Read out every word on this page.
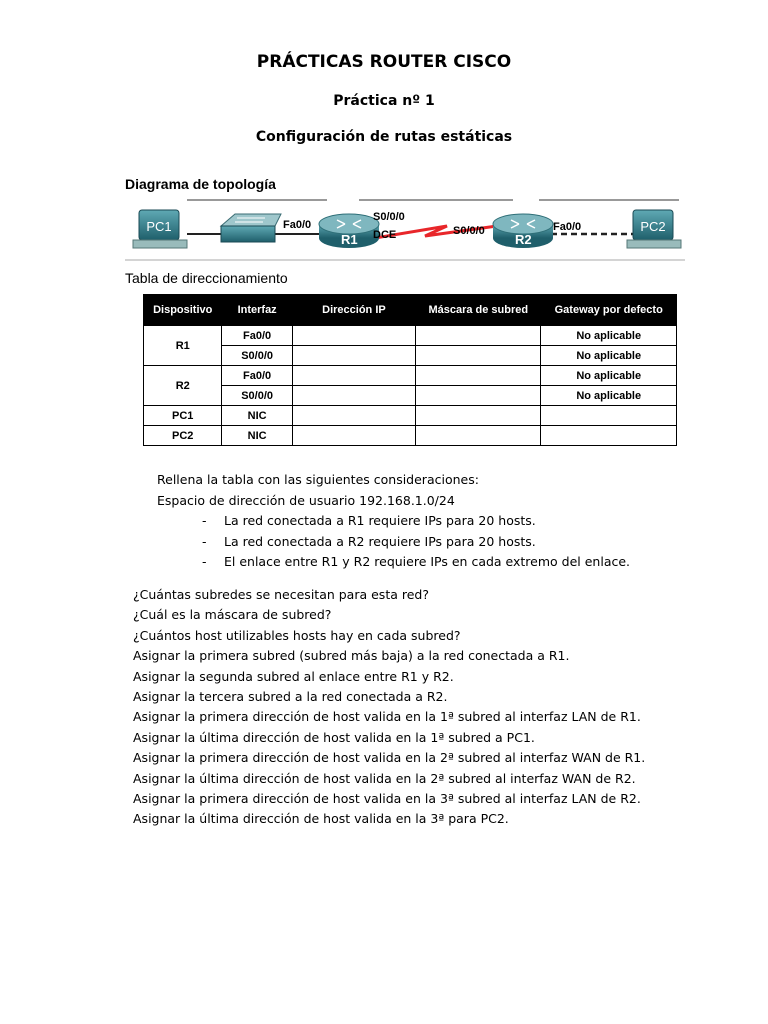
PRÁCTICAS ROUTER CISCO
Práctica nº 1
Configuración de rutas estáticas
Diagrama de topología
PC1	Fa0/0
R1
S0/0/0
DCE	S0/0/0
R2
Fa0/0	PC2
Tabla de direccionamiento
Dispositivo	Interfaz	Dirección IP	Máscara de subred	Gateway por defecto
R1	Fa0/0			No aplicable
	S0/0/0			No aplicable
R2	Fa0/0			No aplicable
	S0/0/0			No aplicable
PC1	NIC			
PC2	NIC			
Rellena la tabla con las siguientes consideraciones:
Espacio de dirección de usuario 192.168.1.0/24
- La red conectada a R1 requiere IPs para 20 hosts.
- La red conectada a R2 requiere IPs para 20 hosts.
- El enlace entre R1 y R2 requiere IPs en cada extremo del enlace.
¿Cuántas subredes se necesitan para esta red?
¿Cuál es la máscara de subred?
¿Cuántos host utilizables hosts hay en cada subred?
Asignar la primera subred (subred más baja) a la red conectada a R1.
Asignar la segunda subred al enlace entre R1 y R2.
Asignar la tercera subred a la red conectada a R2.
Asignar la primera dirección de host valida en la 1ª subred al interfaz LAN de R1.
Asignar la última dirección de host valida en la 1ª subred a PC1.
Asignar la primera dirección de host valida en la 2ª subred al interfaz WAN de R1.
Asignar la última dirección de host valida en la 2ª subred al interfaz WAN de R2.
Asignar la primera dirección de host valida en la 3ª subred al interfaz LAN de R2.
Asignar la última dirección de host valida en la 3ª para PC2.
